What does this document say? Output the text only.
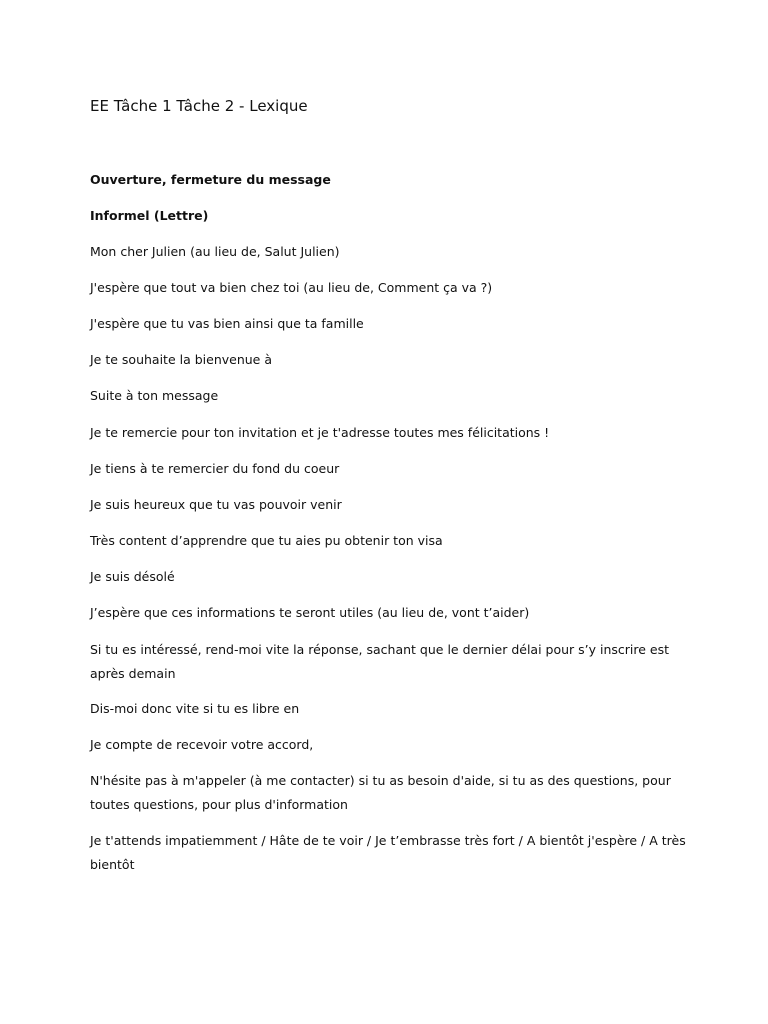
EE Tâche 1 Tâche 2 - Lexique

Ouverture, fermeture du message

Informel (Lettre)

Mon cher Julien (au lieu de, Salut Julien)

J'espère que tout va bien chez toi (au lieu de, Comment ça va ?)

J'espère que tu vas bien ainsi que ta famille

Je te souhaite la bienvenue à

Suite à ton message

Je te remercie pour ton invitation et je t'adresse toutes mes félicitations !

Je tiens à te remercier du fond du coeur

Je suis heureux que tu vas pouvoir venir

Très content d’apprendre que tu aies pu obtenir ton visa

Je suis désolé

J’espère que ces informations te seront utiles (au lieu de, vont t’aider)

Si tu es intéressé, rend-moi vite la réponse, sachant que le dernier délai pour s’y inscrire est après demain

Dis-moi donc vite si tu es libre en

Je compte de recevoir votre accord,

N'hésite pas à m'appeler (à me contacter) si tu as besoin d'aide, si tu as des questions, pour toutes questions, pour plus d'information

Je t'attends impatiemment / Hâte de te voir / Je t’embrasse très fort / A bientôt j'espère / A très bientôt
